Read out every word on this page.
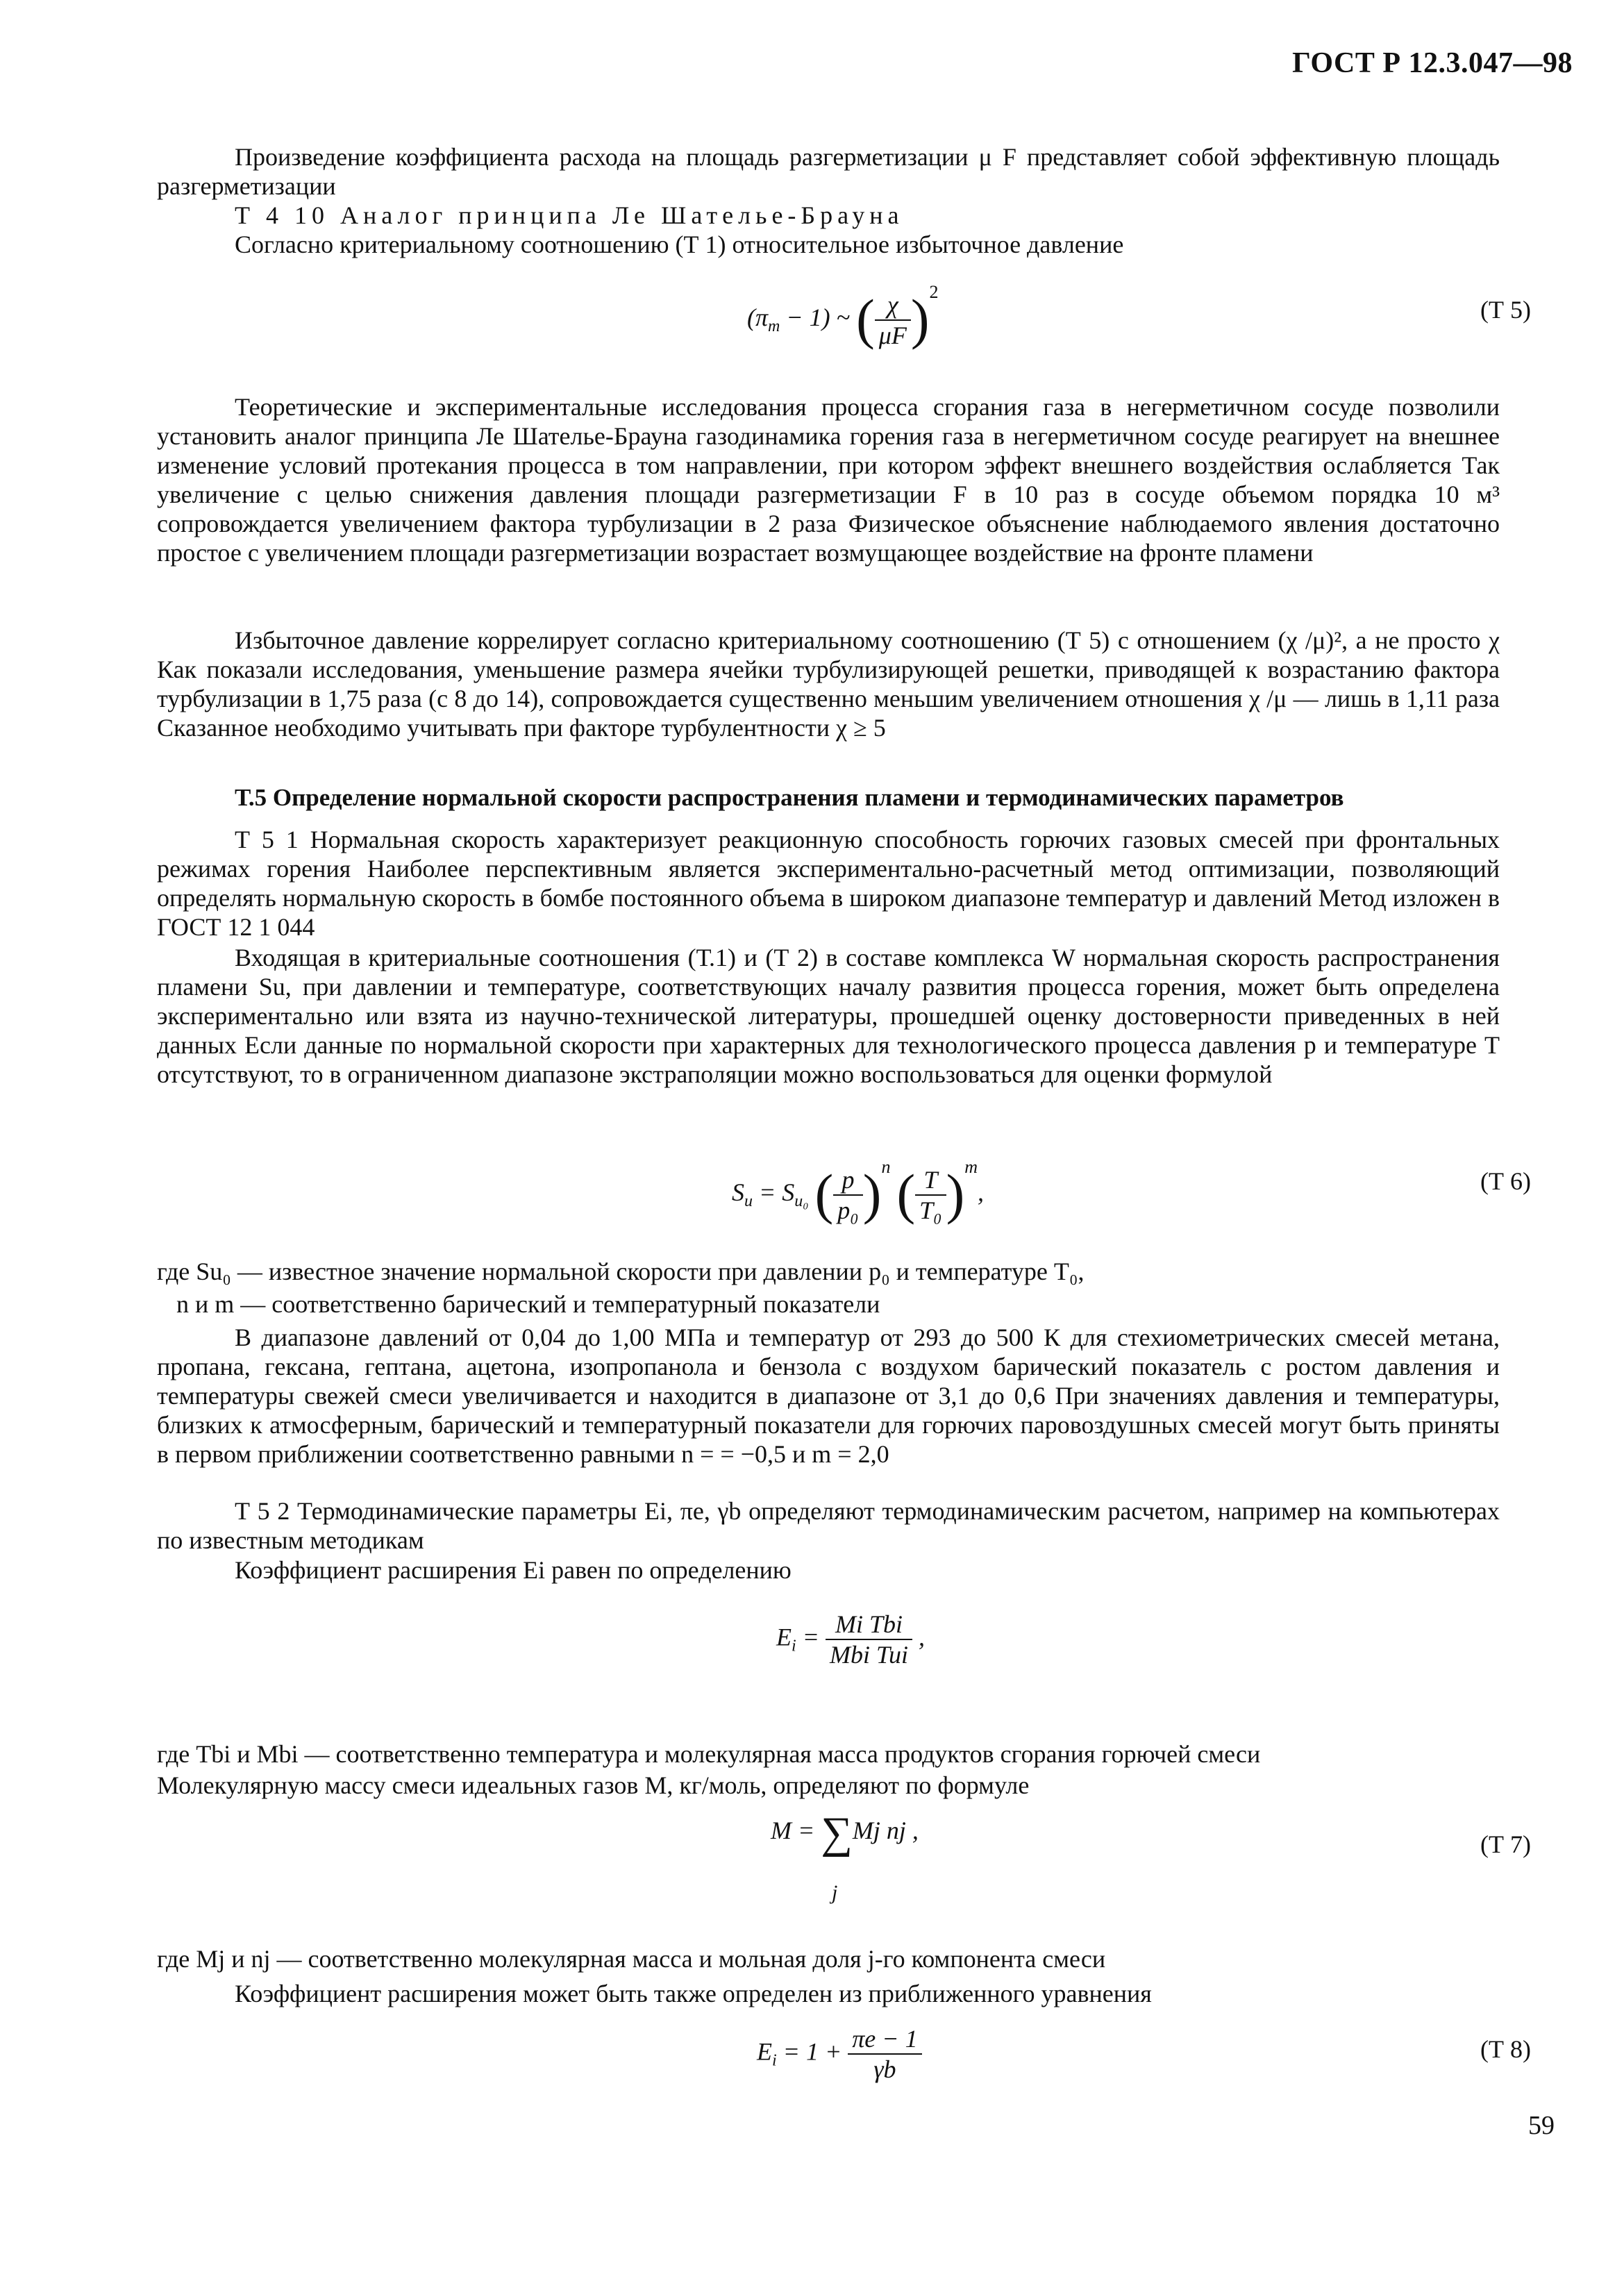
ГОСТ Р 12.3.047—98

Произведение коэффициента расхода на площадь разгерметизации μ F представляет собой эффективную площадь разгерметизации

Т 4 10 Аналог принципа Ле Шателье-Брауна

Согласно критериальному соотношению (Т 1) относительное избыточное давление

$(\pi_m - 1)$ ~ ( $\frac{\chi}{\mu F} )^2$
(Т 5)

Теоретические и экспериментальные исследования процесса сгорания газа в негерметичном сосуде позволили установить аналог принципа Ле Шателье-Брауна газодинамика горения газа в негерметичном сосуде реагирует на внешнее изменение условий протекания процесса в том направлении, при котором эффект внешнего воздействия ослабляется Так увеличение с целью снижения давления площади разгерметизации F в 10 раз в сосуде объемом порядка 10 м³ сопровождается увеличением фактора турбулизации в 2 раза Физическое объяснение наблюдаемого явления достаточно простое с увеличением площади разгерметизации возрастает возмущающее воздействие на фронте пламени

Избыточное давление коррелирует согласно критериальному соотношению (Т 5) с отношением (χ /μ)², а не просто χ Как показали исследования, уменьшение размера ячейки турбулизирующей решетки, приводящей к возрастанию фактора турбулизации в 1,75 раза (с 8 до 14), сопровождается существенно меньшим увеличением отношения χ /μ — лишь в 1,11 раза Сказанное необходимо учитывать при факторе турбулентности χ ≥ 5

Т.5 Определение нормальной скорости распространения пламени и термодинамических параметров

Т 5 1 Нормальная скорость характеризует реакционную способность горючих газовых смесей при фронтальных режимах горения Наиболее перспективным является экспериментально-расчетный метод оптимизации, позволяющий определять нормальную скорость в бомбе постоянного объема в широком диапазоне температур и давлений Метод изложен в ГОСТ 12 1 044

Входящая в критериальные соотношения (Т.1) и (Т 2) в составе комплекса W нормальная скорость распространения пламени Su, при давлении и температуре, соответствующих началу развития процесса горения, может быть определена экспериментально или взята из научно-технической литературы, прошедшей оценку достоверности приведенных в ней данных Если данные по нормальной скорости при характерных для технологического процесса давления p и температуре T отсутствуют, то в ограниченном диапазоне экстраполяции можно воспользоваться для оценки формулой

$S_u = S_{u_0}$ ( $\frac{p}{\text{p₀}} )^n$ ( $\frac{T}{\text{T₀}} )^m$,	(Т 6)

где Su₀ — известное значение нормальной скорости при давлении p₀ и температуре T₀,

n и m — соответственно барический и температурный показатели

В диапазоне давлений от 0,04 до 1,00 МПа и температур от 293 до 500 К для стехиометрических смесей метана, пропана, гексана, гептана, ацетона, изопропанола и бензола с воздухом барический показатель с ростом давления и температуры свежей смеси увеличивается и находится в диапазоне от 3,1 до 0,6 При значениях давления и температуры, близких к атмосферным, барический и температурный показатели для горючих паровоздушных смесей могут быть приняты в первом приближении соответственно равными n = = −0,5 и m = 2,0

Т 5 2 Термодинамические параметры Ei, πe, γb определяют термодинамическим расчетом, например на компьютерах по известным методикам

Коэффициент расширения Ei равен по определению

$E_i = \frac{\text{Mi Tbi}}{\text{Mbi Tui}}$ ,

где Tbi и Mbi — соответственно температура и молекулярная масса продуктов сгорания горючей смеси

Молекулярную массу смеси идеальных газов M, кг/моль, определяют по формуле

M = ∑Mj nj ,
j
(Т 7)

где Mj и nj — соответственно молекулярная масса и мольная доля j-го компонента смеси

Коэффициент расширения может быть также определен из приближенного уравнения

$E_i = 1 + \frac{\pi e - 1}{\gamma b}$	(Т 8)
59
